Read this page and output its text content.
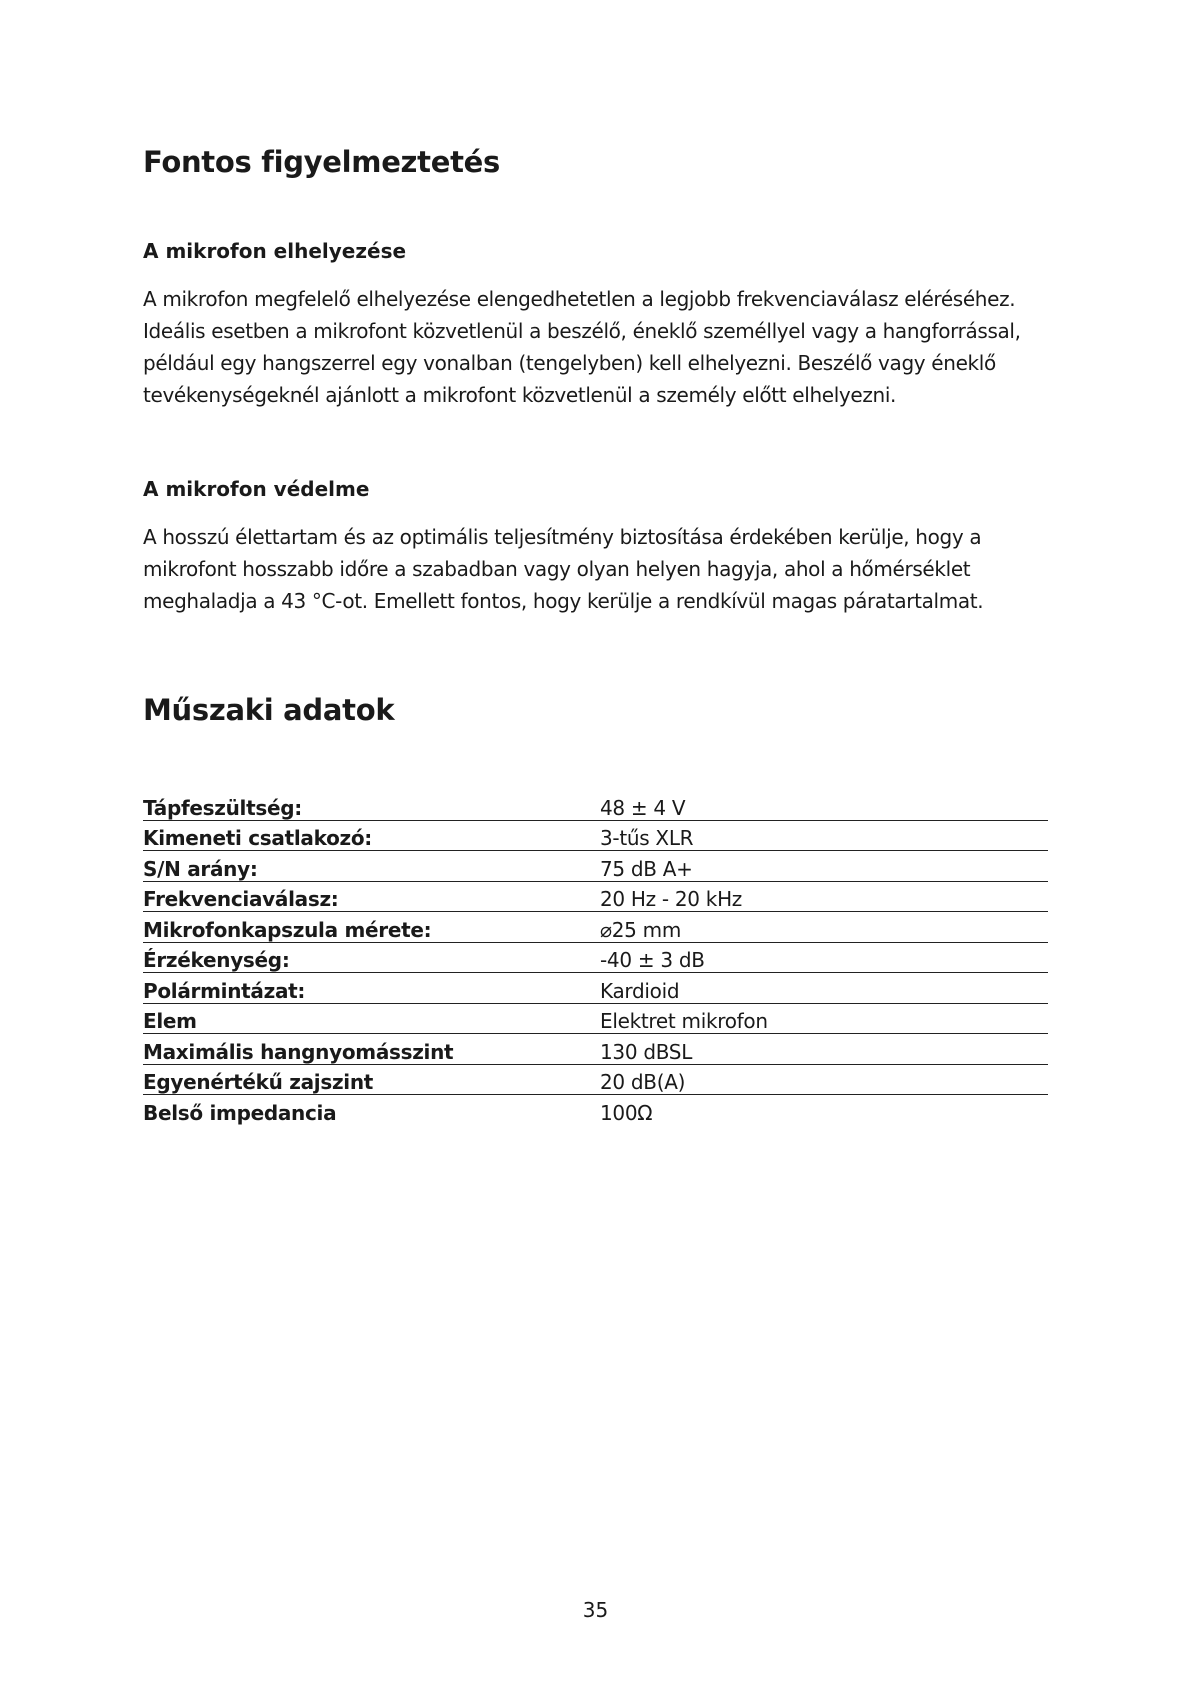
Fontos figyelmeztetés
A mikrofon elhelyezése

A mikrofon megfelelő elhelyezése elengedhetetlen a legjobb frekvenciaválasz eléréséhez. Ideális esetben a mikrofont közvetlenül a beszélő, éneklő személlyel vagy a hangforrással, például egy hangszerrel egy vonalban (tengelyben) kell elhelyezni. Beszélő vagy éneklő tevékenységeknél ajánlott a mikrofont közvetlenül a személy előtt elhelyezni.

A mikrofon védelme

A hosszú élettartam és az optimális teljesítmény biztosítása érdekében kerülje, hogy a mikrofont hosszabb időre a szabadban vagy olyan helyen hagyja, ahol a hőmérséklet meghaladja a 43 °C-ot. Emellett fontos, hogy kerülje a rendkívül magas páratartalmat.

Műszaki adatok
Tápfeszültség:	48 ± 4 V
Kimeneti csatlakozó:	3-tűs XLR
S/N arány:	75 dB A+
Frekvenciaválasz:	20 Hz - 20 kHz
Mikrofonkapszula mérete:	⌀25 mm
Érzékenység:	-40 ± 3 dB
Polármintázat:	Kardioid
Elem	Elektret mikrofon
Maximális hangnyomásszint	130 dBSL
Egyenértékű zajszint	20 dB(A)
Belső impedancia	100Ω
35
